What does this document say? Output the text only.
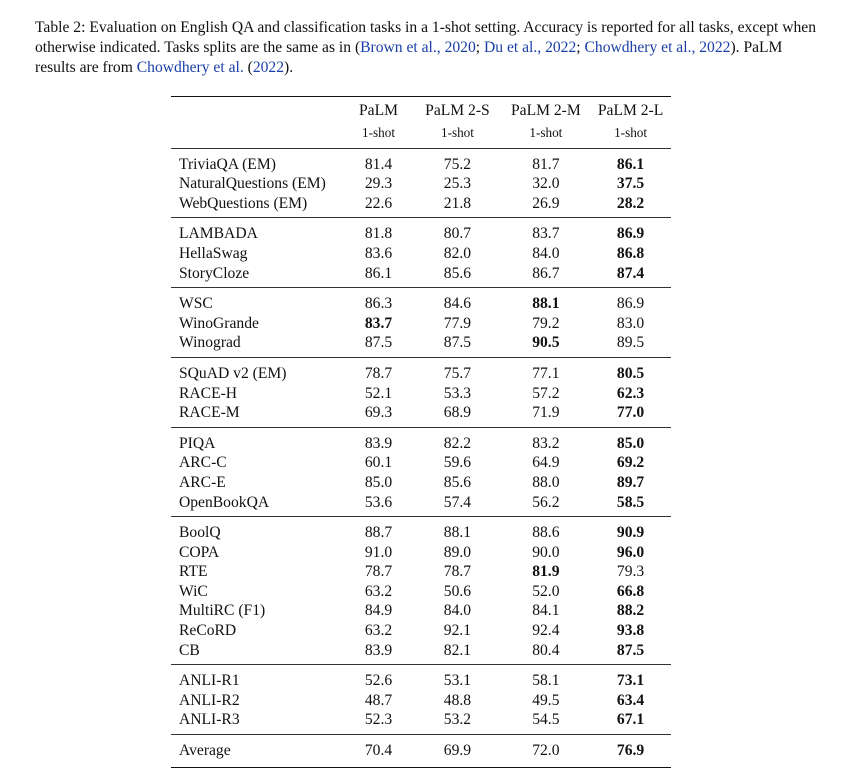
Table 2: Evaluation on English QA and classification tasks in a 1-shot setting. Accuracy is reported for all tasks, except when otherwise indicated. Tasks splits are the same as in (Brown et al., 2020; Du et al., 2022; Chowdhery et al., 2022). PaLM results are from Chowdhery et al. (2022).
	PaLM	PaLM 2-S	PaLM 2-M	PaLM 2-L
	1-shot	1-shot	1-shot	1-shot
TriviaQA (EM)	81.4	75.2	81.7	86.1
NaturalQuestions (EM)	29.3	25.3	32.0	37.5
WebQuestions (EM)	22.6	21.8	26.9	28.2
LAMBADA	81.8	80.7	83.7	86.9
HellaSwag	83.6	82.0	84.0	86.8
StoryCloze	86.1	85.6	86.7	87.4
WSC	86.3	84.6	88.1	86.9
WinoGrande	83.7	77.9	79.2	83.0
Winograd	87.5	87.5	90.5	89.5
SQuAD v2 (EM)	78.7	75.7	77.1	80.5
RACE-H	52.1	53.3	57.2	62.3
RACE-M	69.3	68.9	71.9	77.0
PIQA	83.9	82.2	83.2	85.0
ARC-C	60.1	59.6	64.9	69.2
ARC-E	85.0	85.6	88.0	89.7
OpenBookQA	53.6	57.4	56.2	58.5
BoolQ	88.7	88.1	88.6	90.9
COPA	91.0	89.0	90.0	96.0
RTE	78.7	78.7	81.9	79.3
WiC	63.2	50.6	52.0	66.8
MultiRC (F1)	84.9	84.0	84.1	88.2
ReCoRD	63.2	92.1	92.4	93.8
CB	83.9	82.1	80.4	87.5
ANLI-R1	52.6	53.1	58.1	73.1
ANLI-R2	48.7	48.8	49.5	63.4
ANLI-R3	52.3	53.2	54.5	67.1
Average	70.4	69.9	72.0	76.9
